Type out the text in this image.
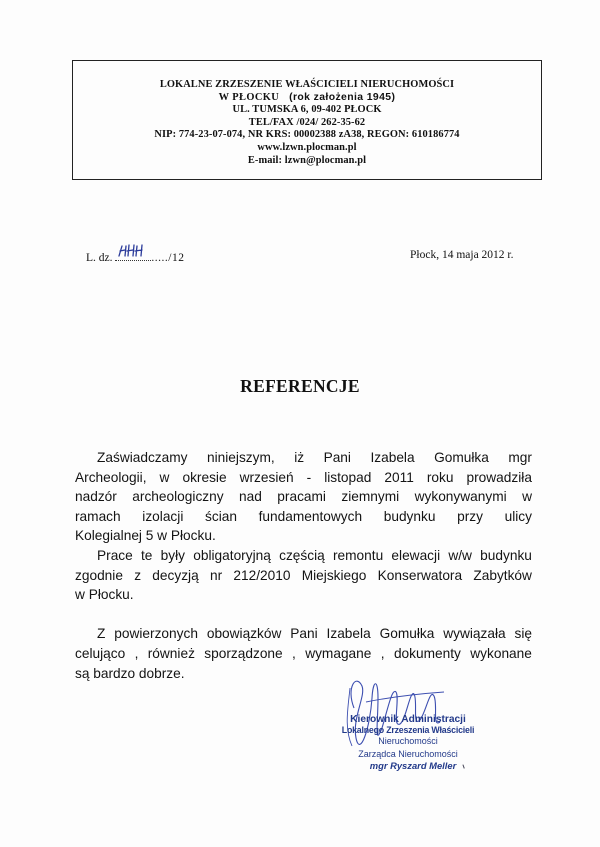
LOKALNE ZRZESZENIE WŁAŚCICIELI NIERUCHOMOŚCI
W PŁOCKU (rok założenia 1945)
UL. TUMSKA 6, 09-402 PŁOCK
TEL/FAX /024/ 262-35-62
NIP: 774-23-07-074, NR KRS: 00002388 zA38, REGON: 610186774
www.lzwn.plocman.pl
E-mail: lzwn@plocman.pl
L. dz.	...../12	Płock, 14 maja 2012 r.
REFERENCJE
Zaświadczamy niniejszym, iż Pani Izabela Gomułka mgr
Archeologii, w okresie wrzesień - listopad 2011 roku prowadziła
nadzór archeologiczny nad pracami ziemnymi wykonywanymi w
ramach izolacji ścian fundamentowych budynku przy ulicy
Kolegialnej 5 w Płocku.
Prace te były obligatoryjną częścią remontu elewacji w/w budynku
zgodnie z decyzją nr 212/2010 Miejskiego Konserwatora Zabytków
w Płocku.
Z powierzonych obowiązków Pani Izabela Gomułka wywiązała się
celująco , również sporządzone , wymagane , dokumenty wykonane
są bardzo dobrze.
Kierownik Administracji
Lokalnego Zrzeszenia Właścicieli
Nieruchomości
Zarządca Nieruchomości
mgr Ryszard Meller
